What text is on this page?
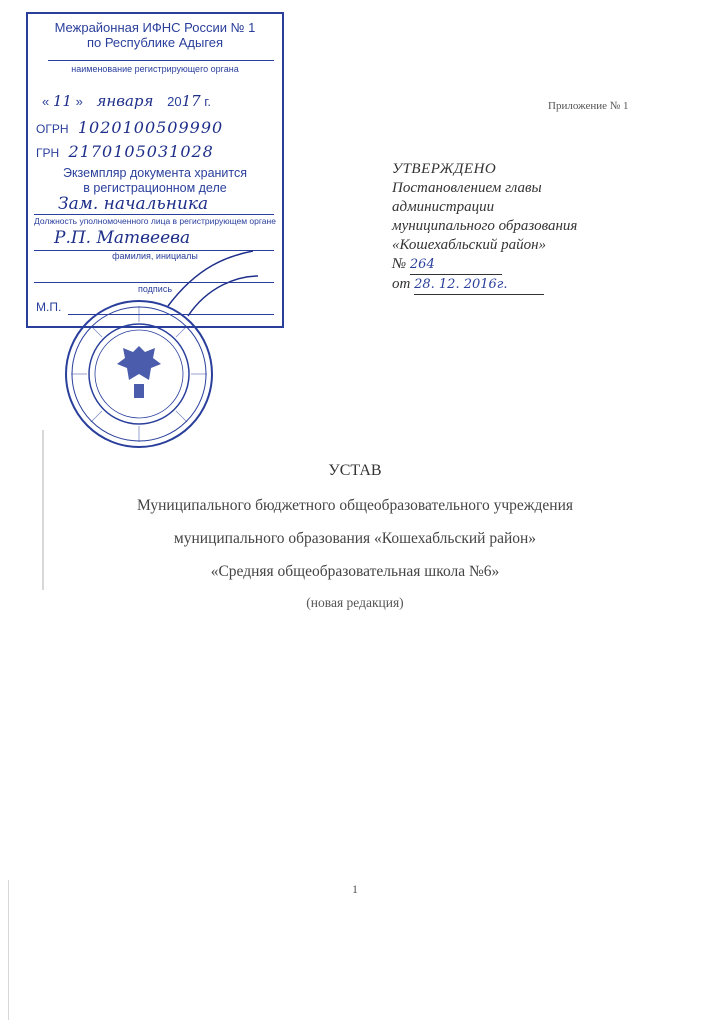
Межрайонная ИФНС России № 1
по Республике Адыгея
наименование регистрирующего органа
« 11 » января 2017 г.
ОГРН 1020100509990
ГРН 2170105031028
Экземпляр документа хранится
в регистрационном деле
Зам. начальника
Должность уполномоченного лица в регистрирующем органе
Р.П. Матвеева
фамилия, инициалы
подпись
М.П.
Приложение № 1
УТВЕРЖДЕНО
Постановлением главы
администрации
муниципального образования
«Кошехабльский район»
№ 264
от 28. 12. 2016г.
УСТАВ
Муниципального бюджетного общеобразовательного учреждения
муниципального образования «Кошехабльский район»
«Средняя общеобразовательная школа №6»
(новая редакция)
1
